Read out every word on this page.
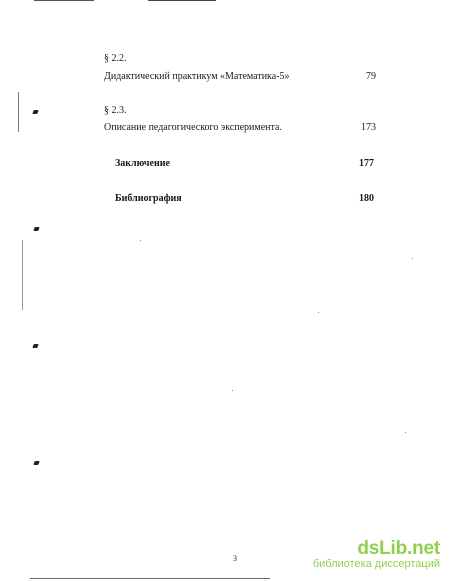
§ 2.2.
Дидактический практикум «Математика-5»	79
§ 2.3.
Описание педагогического эксперимента.	173
Заключение	177
Библиография	180
3	dsLib.net
библиотека диссертаций
